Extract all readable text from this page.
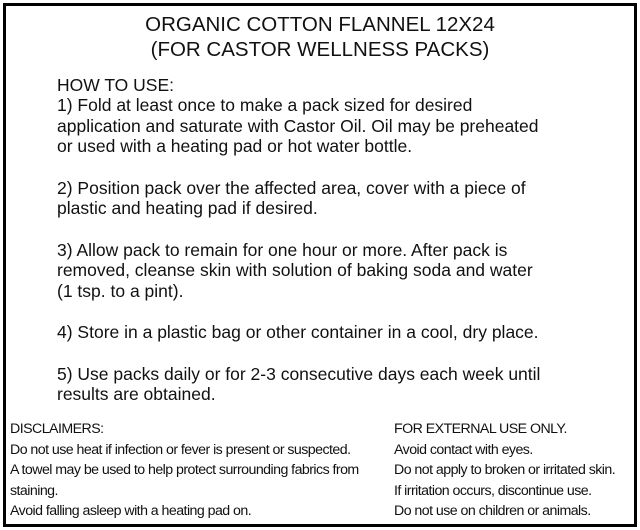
ORGANIC COTTON FLANNEL 12X24
(FOR CASTOR WELLNESS PACKS)
HOW TO USE:
1) Fold at least once to make a pack sized for desired
application and saturate with Castor Oil. Oil may be preheated
or used with a heating pad or hot water bottle.
2) Position pack over the affected area, cover with a piece of
plastic and heating pad if desired.
3) Allow pack to remain for one hour or more. After pack is
removed, cleanse skin with solution of baking soda and water
(1 tsp. to a pint).
4) Store in a plastic bag or other container in a cool, dry place.
5) Use packs daily or for 2-3 consecutive days each week until
results are obtained.
DISCLAIMERS:
Do not use heat if infection or fever is present or suspected.
A towel may be used to help protect surrounding fabrics from
staining.
Avoid falling asleep with a heating pad on.
FOR EXTERNAL USE ONLY.
Avoid contact with eyes.
Do not apply to broken or irritated skin.
If irritation occurs, discontinue use.
Do not use on children or animals.
